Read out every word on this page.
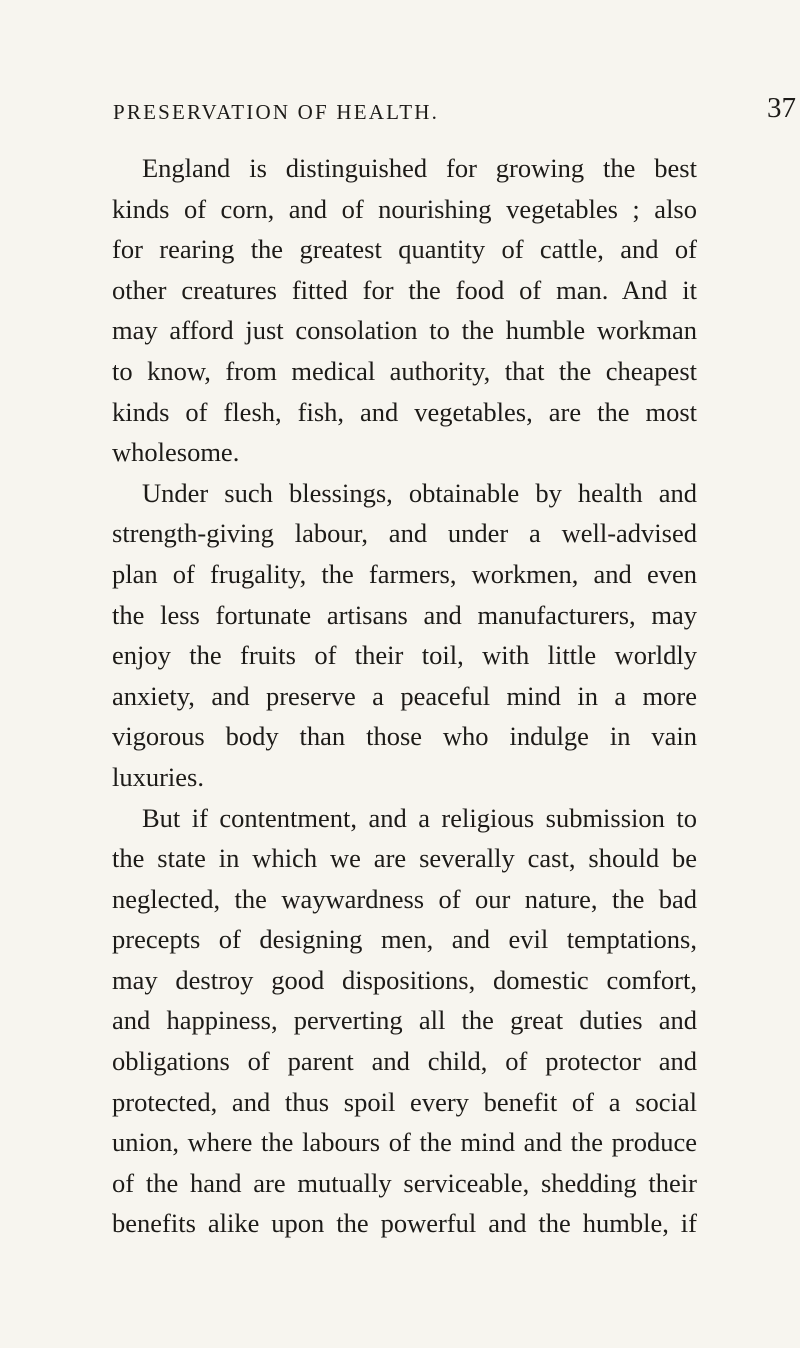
PRESERVATION OF HEALTH.	37
England is distinguished for growing the best
kinds of corn, and of nourishing vegetables ; also
for rearing the greatest quantity of cattle, and of
other creatures fitted for the food of man. And it
may afford just consolation to the humble workman
to know, from medical authority, that the cheapest
kinds of flesh, fish, and vegetables, are the most
wholesome.
Under such blessings, obtainable by health and
strength-giving labour, and under a well-advised
plan of frugality, the farmers, workmen, and even
the less fortunate artisans and manufacturers, may
enjoy the fruits of their toil, with little worldly
anxiety, and preserve a peaceful mind in a more
vigorous body than those who indulge in vain
luxuries.
But if contentment, and a religious submission to
the state in which we are severally cast, should be
neglected, the waywardness of our nature, the bad
precepts of designing men, and evil temptations,
may destroy good dispositions, domestic comfort,
and happiness, perverting all the great duties and
obligations of parent and child, of protector and
protected, and thus spoil every benefit of a social
union, where the labours of the mind and the produce
of the hand are mutually serviceable, shedding their
benefits alike upon the powerful and the humble, if
